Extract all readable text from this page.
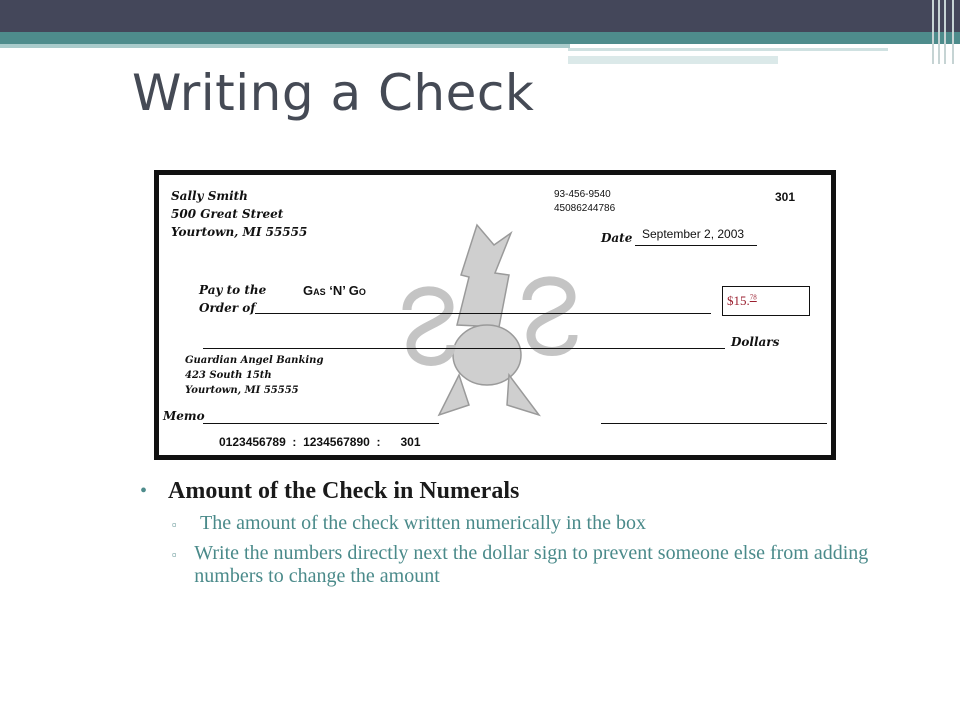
Writing a Check
Sally Smith
500 Great Street
Yourtown, MI 55555
93-456-9540
45086244786
301
Date September 2, 2003
Pay to the
Order of
Gas ‘N’ Go
$15.78
Dollars
Guardian Angel Banking
423 South 15th
Yourtown, MI 55555
Memo
0123456789  :  1234567890  :      301
• Amount of the Check in Numerals
▫	The amount of the check written numerically in the box
▫ Write the numbers directly next the dollar sign to prevent someone else from adding numbers to change the amount
